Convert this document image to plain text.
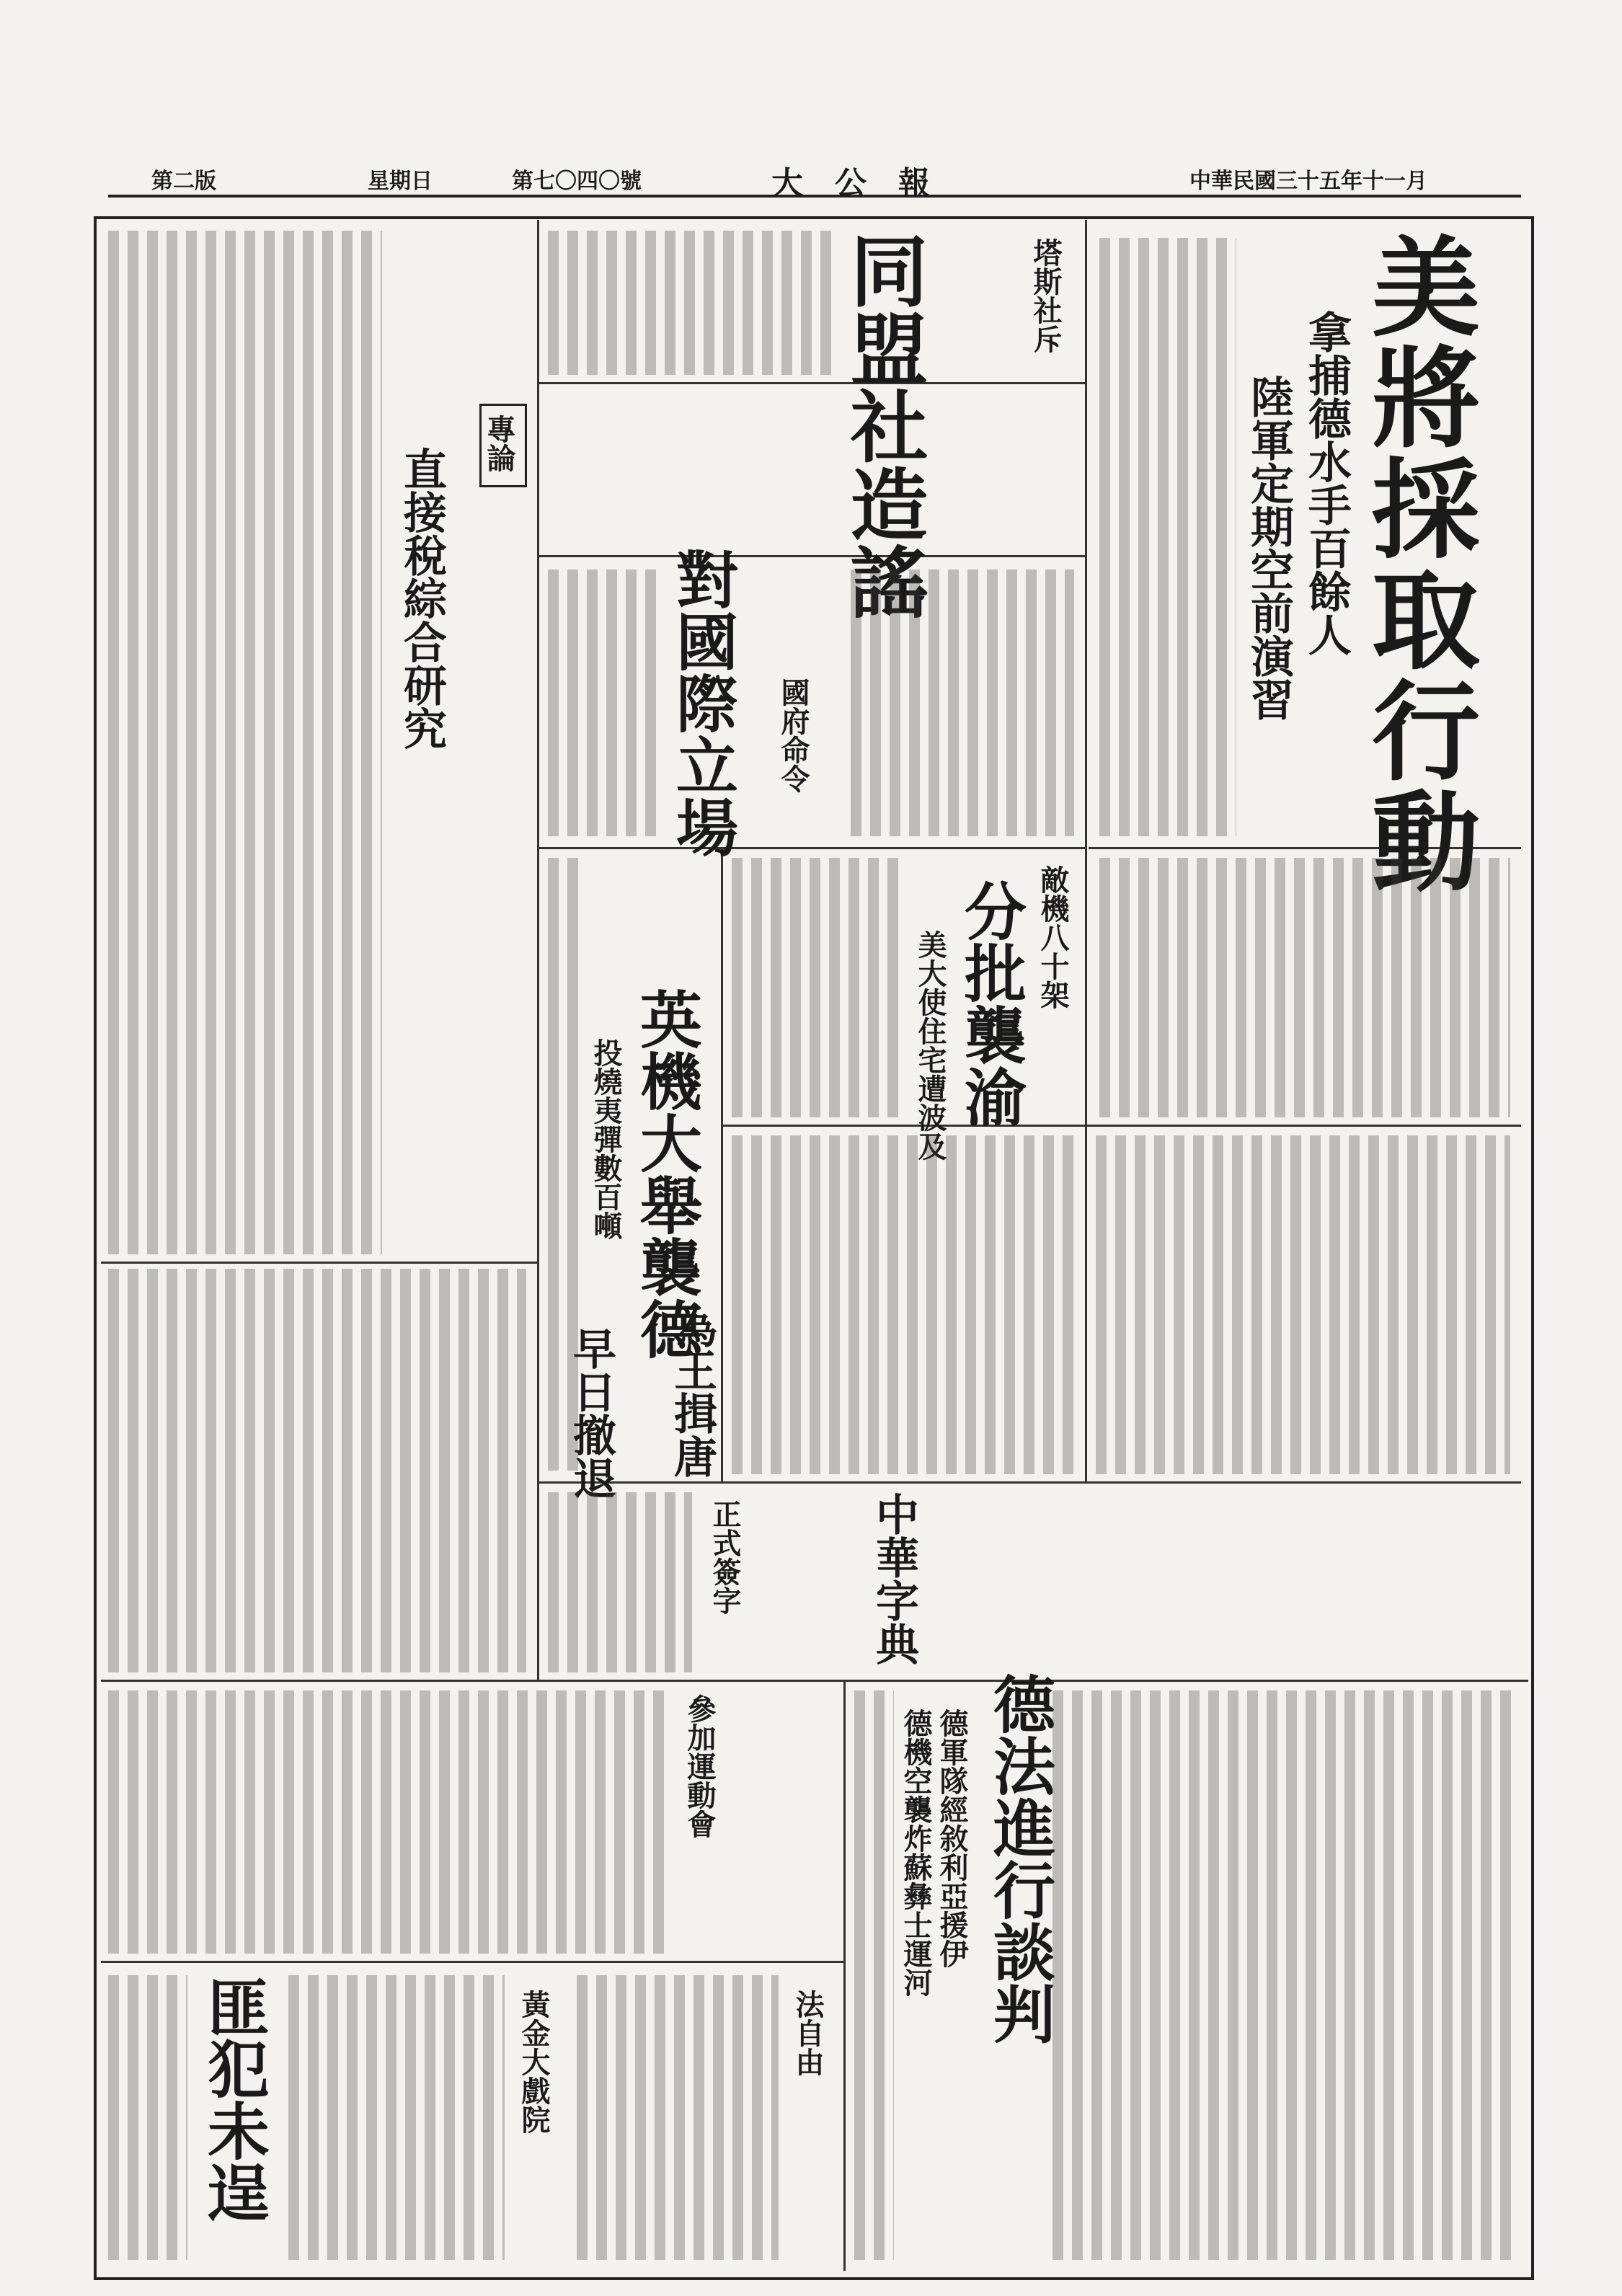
中華民國三十五年十一月
大　公　報
第七〇四〇號
星期日
第二版
美將採取行動
拿捕德水手百餘人
陸軍定期空前演習
塔斯社斥
同盟社造謠
對國際立場 國府命令
專論
直接稅綜合研究
敵機八十架
分批襲渝
美大使住宅遭波及
英機大舉襲德
投燒夷彈數百噸
為王揖唐
早日撤退
中華字典
正式簽字
德法進行談判
德軍隊經敘利亞援伊
德機空襲炸蘇彝士運河
參加運動會
匪犯未逞	黃金大戲院	法自由
